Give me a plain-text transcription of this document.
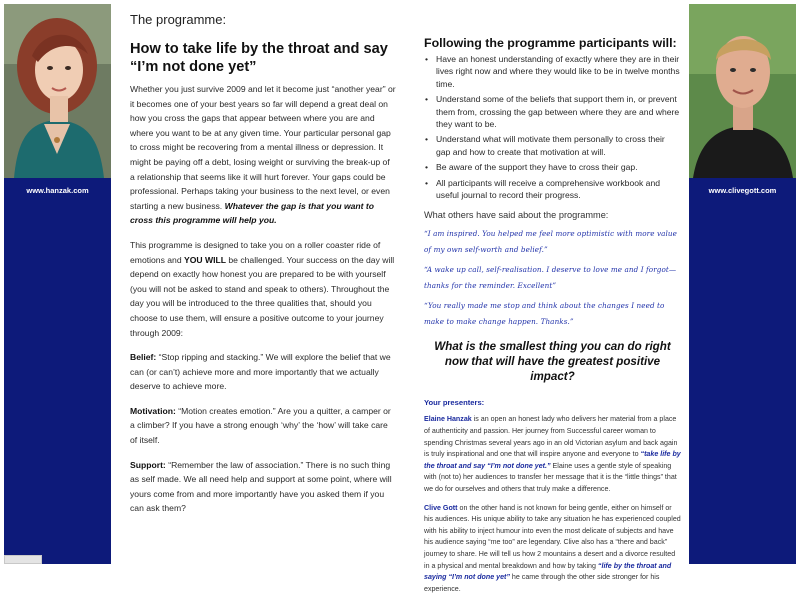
www.hanzak.com	www.clivegott.com
The programme:
How to take life by the throat and say “I’m not done yet”

Whether you just survive 2009 and let it become just “another year” or it becomes one of your best years so far will depend a great deal on how you cross the gaps that appear between where you are and where you want to be at any given time. Your particular personal gap to cross might be recovering from a mental illness or depression. It might be paying off a debt, losing weight or surviving the break-up of a relationship that seems like it will hurt forever. Your gaps could be professional. Perhaps taking your business to the next level, or even starting a new business. Whatever the gap is that you want to cross this programme will help you.

This programme is designed to take you on a roller coaster ride of emotions and YOU WILL be challenged. Your success on the day will depend on exactly how honest you are prepared to be with yourself (you will not be asked to stand and speak to others). Throughout the day you will be introduced to the three qualities that, should you choose to use them, will ensure a positive outcome to your journey through 2009:

Belief: “Stop ripping and stacking.” We will explore the belief that we can (or can’t) achieve more and more importantly that we actually deserve to achieve more.

Motivation: “Motion creates emotion.” Are you a quitter, a camper or a climber? If you have a strong enough ‘why’ the ‘how’ will take care of itself.

Support: “Remember the law of association.” There is no such thing as self made. We all need help and support at some point, where will yours come from and more importantly have you asked them if you can ask them?

Following the programme participants will:
• Have an honest understanding of exactly where they are in their lives right now and where they would like to be in twelve months time.
• Understand some of the beliefs that support them in, or prevent them from, crossing the gap between where they are and where they want to be.
• Understand what will motivate them personally to cross their gap and how to create that motivation at will.
• Be aware of the support they have to cross their gap.
• All participants will receive a comprehensive workbook and useful journal to record their progress.
What others have said about the programme:
“I am inspired. You helped me feel more optimistic with more value of my own self-worth and belief.”
“A wake up call, self-realisation. I deserve to love me and I forgot—thanks for the reminder. Excellent”
“You really made me stop and think about the changes I need to make to make change happen. Thanks.”
What is the smallest thing you can do right now that will have the greatest positive impact?
Your presenters:

Elaine Hanzak is an open an honest lady who delivers her material from a place of authenticity and passion. Her journey from Successful career woman to spending Christmas several years ago in an old Victorian asylum and back again is truly inspirational and one that will inspire anyone and everyone to “take life by the throat and say “I’m not done yet.” Elaine uses a gentle style of speaking with (not to) her audiences to transfer her message that it is the “little things” that we do for ourselves and others that truly make a difference.

Clive Gott on the other hand is not known for being gentle, either on himself or his audiences. His unique ability to take any situation he has experienced coupled with his ability to inject humour into even the most delicate of subjects and have his audience saying “me too” are legendary. Clive also has a “there and back” journey to share. He will tell us how 2 mountains a desert and a divorce resulted in a physical and mental breakdown and how by taking “life by the throat and saying “I’m not done yet” he came through the other side stronger for his experience.
